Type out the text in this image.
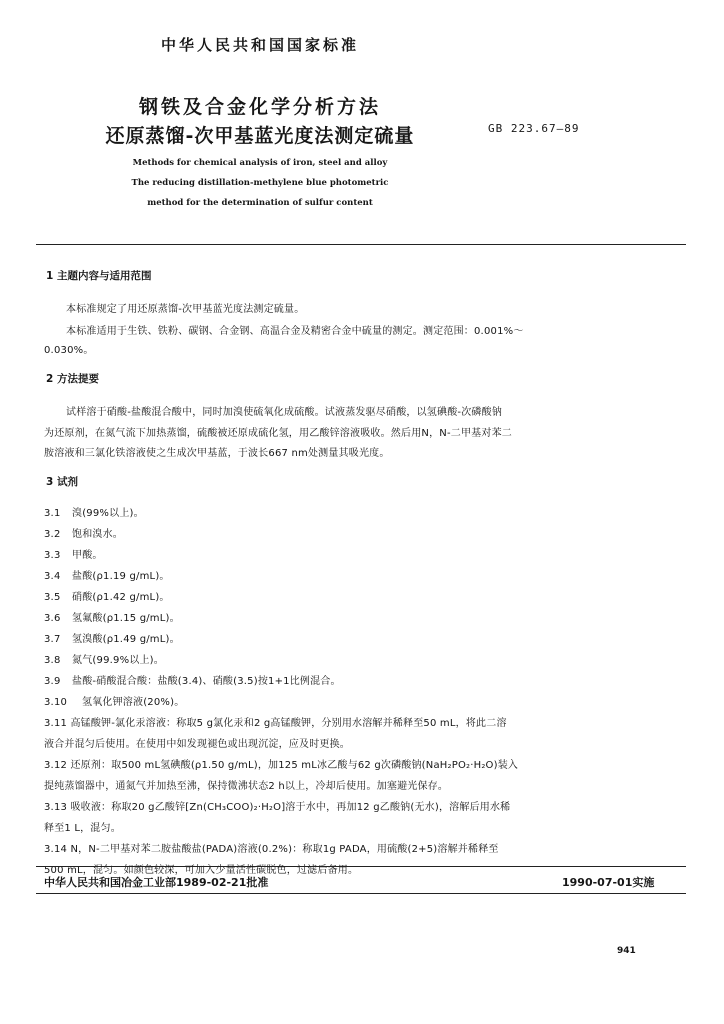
中华人民共和国国家标准
钢铁及合金化学分析方法
还原蒸馏-次甲基蓝光度法测定硫量	GB 223.67—89
Methods for chemical analysis of iron, steel and alloy
The reducing distillation-methylene blue photometric
method for the determination of sulfur content
1 主题内容与适用范围
本标准规定了用还原蒸馏-次甲基蓝光度法测定硫量。
本标准适用于生铁、铁粉、碳钢、合金钢、高温合金及精密合金中硫量的测定。测定范围：0.001%～
0.030%。
2 方法提要
试样溶于硝酸-盐酸混合酸中，同时加溴使硫氧化成硫酸。试液蒸发驱尽硝酸，以氢碘酸-次磷酸钠
为还原剂，在氮气流下加热蒸馏，硫酸被还原成硫化氢，用乙酸锌溶液吸收。然后用N，N-二甲基对苯二
胺溶液和三氯化铁溶液使之生成次甲基蓝，于波长667 nm处测量其吸光度。
3 试剂
3.1 溴(99%以上)。
3.2 饱和溴水。
3.3 甲酸。
3.4 盐酸(ρ1.19 g/mL)。
3.5 硝酸(ρ1.42 g/mL)。
3.6 氢氟酸(ρ1.15 g/mL)。
3.7 氢溴酸(ρ1.49 g/mL)。
3.8 氮气(99.9%以上)。
3.9 盐酸-硝酸混合酸：盐酸(3.4)、硝酸(3.5)按1+1比例混合。
3.10 氢氧化钾溶液(20%)。
3.11 高锰酸钾-氯化汞溶液：称取5 g氯化汞和2 g高锰酸钾，分别用水溶解并稀释至50 mL，将此二溶
液合并混匀后使用。在使用中如发现褪色或出现沉淀，应及时更换。
3.12 还原剂：取500 mL氢碘酸(ρ1.50 g/mL)，加125 mL冰乙酸与62 g次磷酸钠(NaH₂PO₂·H₂O)装入
提纯蒸馏器中，通氮气并加热至沸，保持微沸状态2 h以上，冷却后使用。加塞避光保存。
3.13 吸收液：称取20 g乙酸锌[Zn(CH₃COO)₂·H₂O]溶于水中，再加12 g乙酸钠(无水)，溶解后用水稀
释至1 L，混匀。
3.14 N，N-二甲基对苯二胺盐酸盐(PADA)溶液(0.2%)：称取1g PADA，用硫酸(2+5)溶解并稀释至
500 mL，混匀。如颜色较深，可加入少量活性碳脱色，过滤后备用。
中华人民共和国冶金工业部1989-02-21批准	1990-07-01实施
941
